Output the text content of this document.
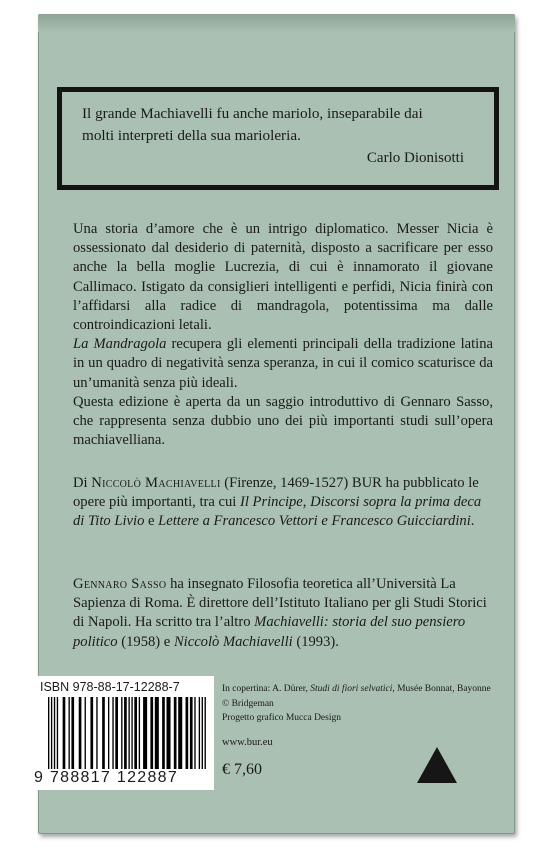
Il grande Machiavelli fu anche mariolo, inseparabile dai
molti interpreti della sua marioleria.

Carlo Dionisotti

Una storia d’amore che è un intrigo diplomatico. Messer Nicia è ossessionato dal desiderio di paternità, disposto a sacrificare per esso anche la bella moglie Lucrezia, di cui è innamorato il giovane Callimaco. Istigato da consiglieri intelligenti e perfidi, Nicia finirà con l’affidarsi alla radice di mandragola, potentissima ma dalle controindicazioni letali.

La Mandragola recupera gli elementi principali della tradizione latina in un quadro di negatività senza speranza, in cui il comico scaturisce da un’umanità senza più ideali.

Questa edizione è aperta da un saggio introduttivo di Gennaro Sasso, che rappresenta senza dubbio uno dei più importanti studi sull’opera machiavelliana.

Di Niccolò Machiavelli (Firenze, 1469-1527) BUR ha pubblicato le opere più importanti, tra cui Il Principe, Discorsi sopra la prima deca di Tito Livio e Lettere a Francesco Vettori e Francesco Guicciardini.

Gennaro Sasso ha insegnato Filosofia teoretica all’Università La Sapienza di Roma. È direttore dell’Istituto Italiano per gli Studi Storici di Napoli. Ha scritto tra l’altro Machiavelli: storia del suo pensiero politico (1958) e Niccolò Machiavelli (1993).

ISBN 978-88-17-12288-7
9 788817 122887
In copertina: A. Dürer, Studi di fiori selvatici, Musée Bonnat, Bayonne
© Bridgeman
Progetto grafico Mucca Design
www.bur.eu
€ 7,60
